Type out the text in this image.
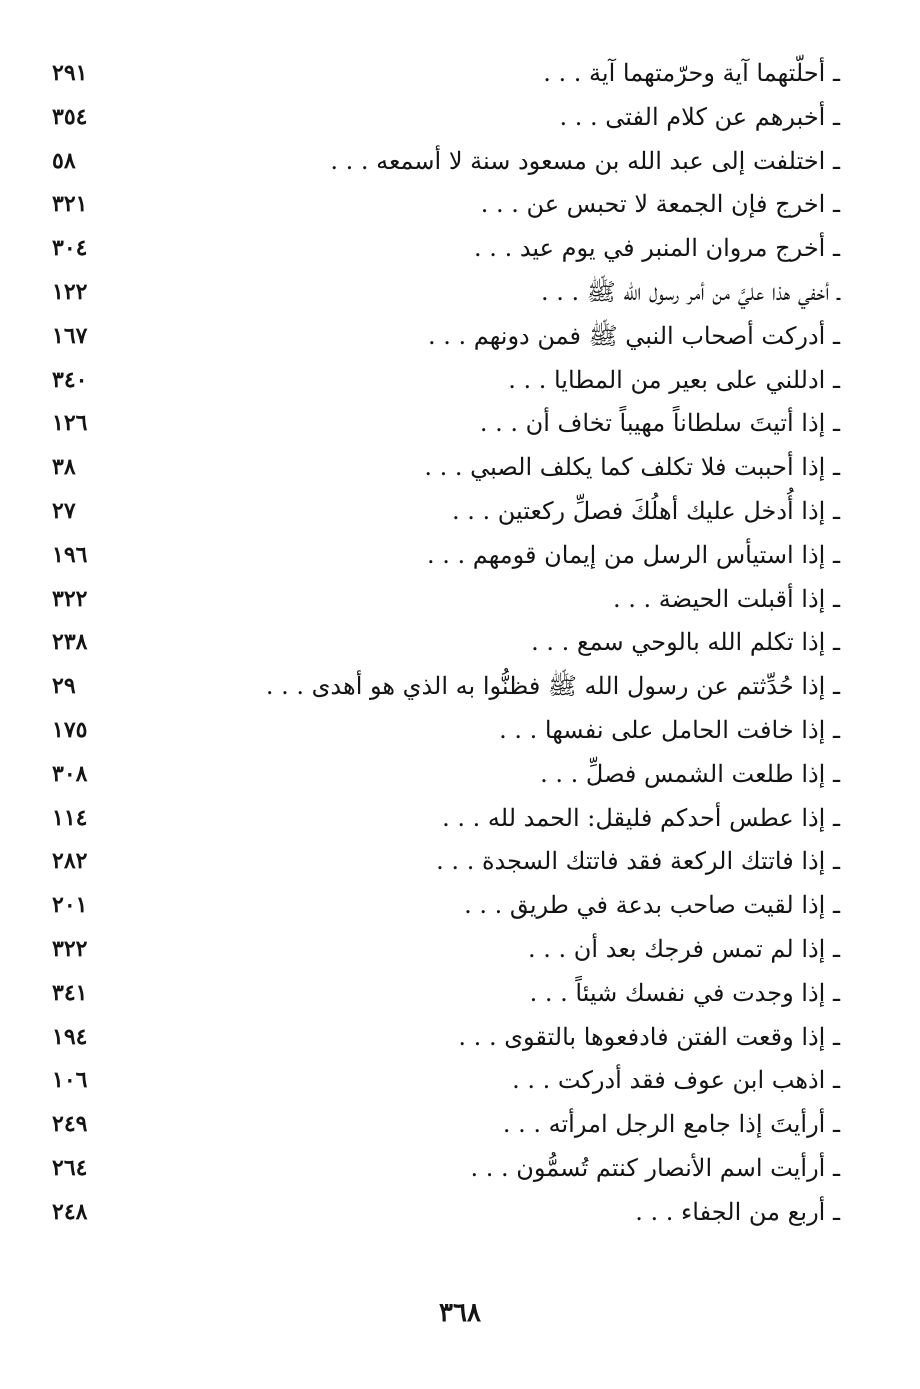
ـ أحلّتهما آية وحرّمتهما آية . . .
٢٩١
ـ أخبرهم عن كلام الفتى . . .
٣٥٤
ـ اختلفت إلى عبد الله بن مسعود سنة لا أسمعه . . .
٥٨
ـ اخرج فإن الجمعة لا تحبس عن . . .
٣٢١
ـ أخرج مروان المنبر في يوم عيد . . .
٣٠٤
ـ أخفي هذا عليَّ من أمر رسول الله ﷺ . . .
١٢٢
ـ أدركت أصحاب النبي ﷺ فمن دونهم . . .
١٦٧
ـ ادللني على بعير من المطايا . . .
٣٤٠
ـ إذا أتيتَ سلطاناً مهيباً تخاف أن . . .
١٢٦
ـ إذا أحببت فلا تكلف كما يكلف الصبي . . .
٣٨
ـ إذا أُدخل عليك أهلُكَ فصلِّ ركعتين . . .
٢٧
ـ إذا استيأس الرسل من إيمان قومهم . . .
١٩٦
ـ إذا أقبلت الحيضة . . .
٣٢٢
ـ إذا تكلم الله بالوحي سمع . . .
٢٣٨
ـ إذا حُدِّثتم عن رسول الله ﷺ فظنُّوا به الذي هو أهدى . . .
٢٩
ـ إذا خافت الحامل على نفسها . . .
١٧٥
ـ إذا طلعت الشمس فصلِّ . . .
٣٠٨
ـ إذا عطس أحدكم فليقل: الحمد لله . . .
١١٤
ـ إذا فاتتك الركعة فقد فاتتك السجدة . . .
٢٨٢
ـ إذا لقيت صاحب بدعة في طريق . . .
٢٠١
ـ إذا لم تمس فرجك بعد أن . . .
٣٢٢
ـ إذا وجدت في نفسك شيئاً . . .
٣٤١
ـ إذا وقعت الفتن فادفعوها بالتقوى . . .
١٩٤
ـ اذهب ابن عوف فقد أدركت . . .
١٠٦
ـ أرأيتَ إذا جامع الرجل امرأته . . .
٢٤٩
ـ أرأيت اسم الأنصار كنتم تُسمُّون . . .
٢٦٤
ـ أربع من الجفاء . . .
٢٤٨
٣٦٨
